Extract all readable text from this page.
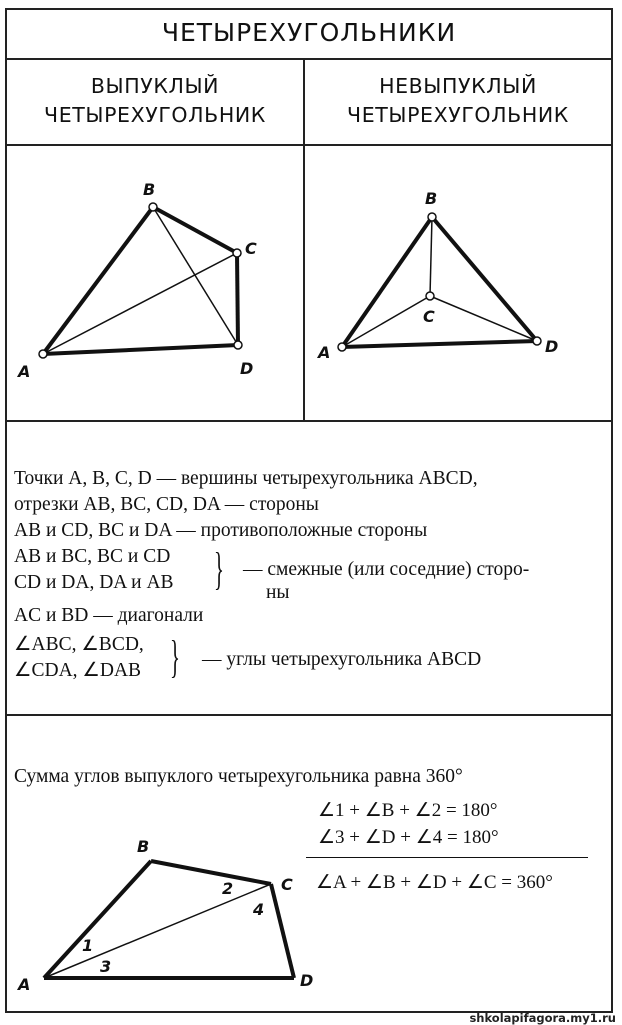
ЧЕТЫРЕХУГОЛЬНИКИ
ВЫПУКЛЫЙ
ЧЕТЫРЕХУГОЛЬНИК
НЕВЫПУКЛЫЙ
ЧЕТЫРЕХУГОЛЬНИК
A
B
C
D
A
B
C
D
Точки A, B, C, D — вершины четырехугольника ABCD,
отрезки AB, BC, CD, DA — стороны
AB и CD, BC и DA — противоположные стороны
AB и BC, BC и CD
CD и DA, DA и AB } — смежные (или соседние) сторо-
ны
AC и BD — диагонали
∠ABC, ∠BCD,
∠CDA, ∠DAB } — углы четырехугольника ABCD
Сумма углов выпуклого четырехугольника равна 360°
∠1 + ∠B + ∠2 = 180°
∠3 + ∠D + ∠4 = 180°
∠A + ∠B + ∠D + ∠C = 360°
A
B
C
D
1
2
3
4
shkolapifagora.my1.ru
